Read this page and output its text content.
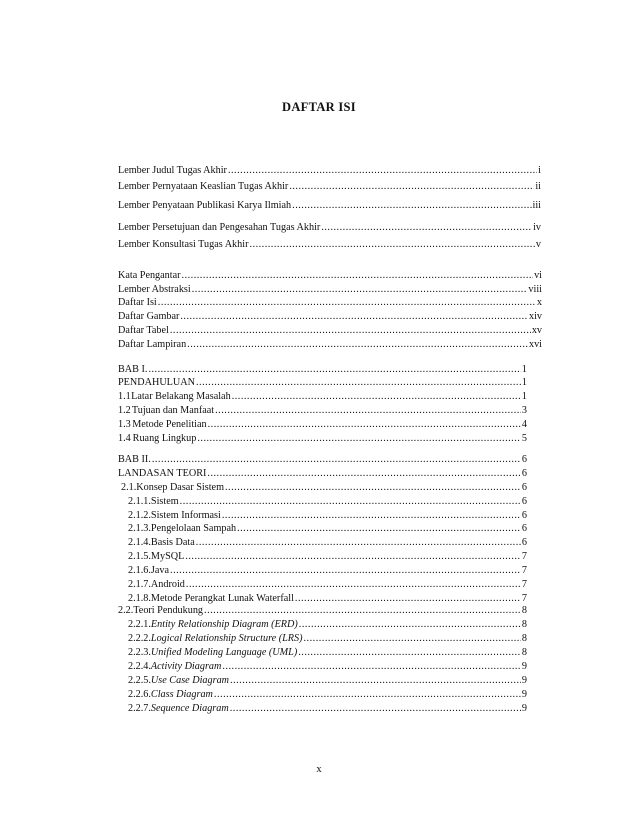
DAFTAR ISI
Lember Judul Tugas Akhir .....	i
Lember Pernyataan Keaslian Tugas Akhir .....	ii
Lember Penyataan Publikasi Karya Ilmiah .....	iii
Lember Persetujuan dan Pengesahan Tugas Akhir .....	iv
Lember Konsultasi Tugas Akhir .....	v
Kata Pengantar .....	vi
Lember Abstraksi .....	viii
Daftar Isi .....	x
Daftar Gambar .....	xiv
Daftar Tabel .....	xv
Daftar Lampiran .....	xvi
BAB I. .....	1
PENDAHULUAN .....	1
1.1 Latar Belakang Masalah .....	1
1.2 Tujuan dan Manfaat .....	3
1.3 Metode Penelitian .....	4
1.4 Ruang Lingkup .....	5
BAB II. .....	6
LANDASAN TEORI .....	6
2.1. Konsep Dasar Sistem .....	6
2.1.1. Sistem .....	6
2.1.2. Sistem Informasi .....	6
2.1.3. Pengelolaan Sampah .....	6
2.1.4. Basis Data .....	6
2.1.5. MySQL .....	7
2.1.6. Java .....	7
2.1.7. Android .....	7
2.1.8. Metode Perangkat Lunak Waterfall .....	7
2.2. Teori Pendukung .....	8
2.2.1. Entity Relationship Diagram (ERD) .....	8
2.2.2. Logical Relationship Structure (LRS) .....	8
2.2.3. Unified Modeling Language (UML) .....	8
2.2.4. Activity Diagram .....	9
2.2.5. Use Case Diagram .....	9
2.2.6. Class Diagram .....	9
2.2.7. Sequence Diagram .....	9
x
